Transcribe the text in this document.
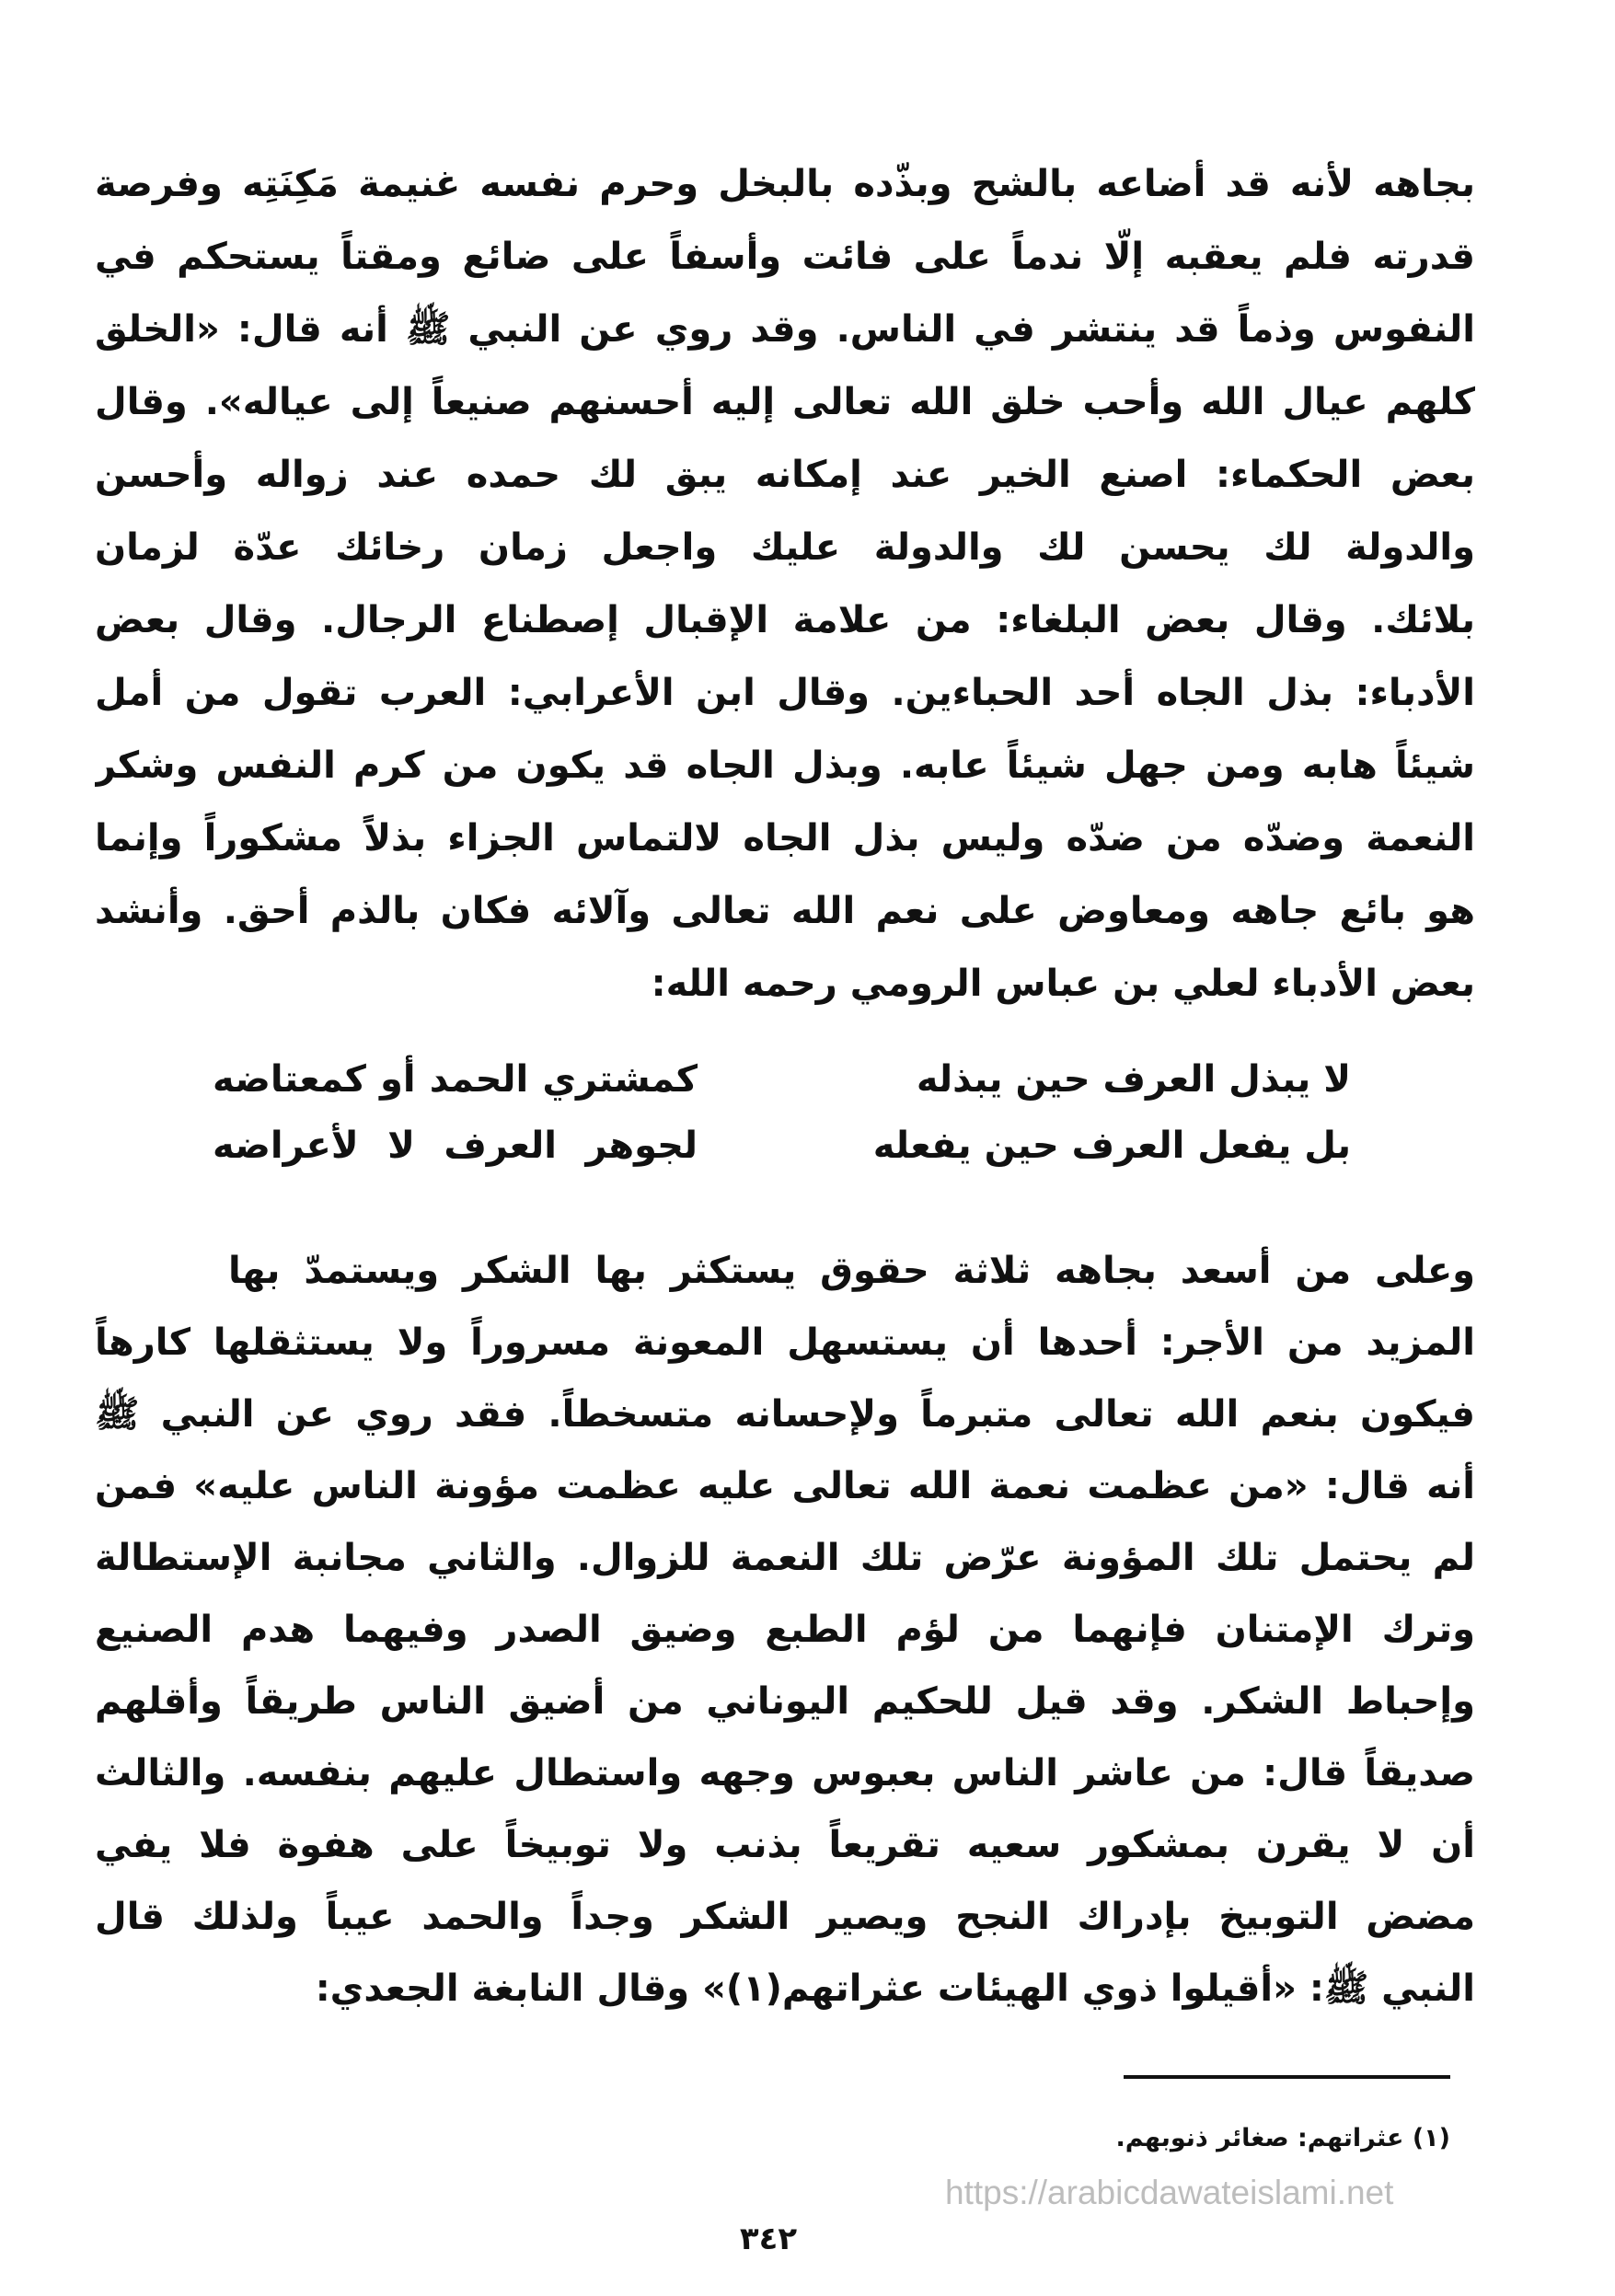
بجاهه لأنه قد أضاعه بالشح وبذّده بالبخل وحرم نفسه غنيمة مَكِنَتِه وفرصة
قدرته فلم يعقبه إلّا ندماً على فائت وأسفاً على ضائع ومقتاً يستحكم في
النفوس وذماً قد ينتشر في الناس. وقد روي عن النبي ﷺ أنه قال: «الخلق
كلهم عيال الله وأحب خلق الله تعالى إليه أحسنهم صنيعاً إلى عياله». وقال
بعض الحكماء: اصنع الخير عند إمكانه يبق لك حمده عند زواله وأحسن
والدولة لك يحسن لك والدولة عليك واجعل زمان رخائك عدّة لزمان
بلائك. وقال بعض البلغاء: من علامة الإقبال إصطناع الرجال. وقال بعض
الأدباء: بذل الجاه أحد الحباءين. وقال ابن الأعرابي: العرب تقول من أمل
شيئاً هابه ومن جهل شيئاً عابه. وبذل الجاه قد يكون من كرم النفس وشكر
النعمة وضدّه من ضدّه وليس بذل الجاه لالتماس الجزاء بذلاً مشكوراً وإنما
هو بائع جاهه ومعاوض على نعم الله تعالى وآلائه فكان بالذم أحق. وأنشد
بعض الأدباء لعلي بن عباس الرومي رحمه الله:
لا يبذل العرف حين يبذله
كمشتري الحمد أو كمعتاضه
بل يفعل العرف حين يفعله
لجوهر العرف لا لأعراضه
وعلى من أسعد بجاهه ثلاثة حقوق يستكثر بها الشكر ويستمدّ بها
المزيد من الأجر: أحدها أن يستسهل المعونة مسروراً ولا يستثقلها كارهاً
فيكون بنعم الله تعالى متبرماً ولإحسانه متسخطاً. فقد روي عن النبي ﷺ
أنه قال: «من عظمت نعمة الله تعالى عليه عظمت مؤونة الناس عليه» فمن
لم يحتمل تلك المؤونة عرّض تلك النعمة للزوال. والثاني مجانبة الإستطالة
وترك الإمتنان فإنهما من لؤم الطبع وضيق الصدر وفيهما هدم الصنيع
وإحباط الشكر. وقد قيل للحكيم اليوناني من أضيق الناس طريقاً وأقلهم
صديقاً قال: من عاشر الناس بعبوس وجهه واستطال عليهم بنفسه. والثالث
أن لا يقرن بمشكور سعيه تقريعاً بذنب ولا توبيخاً على هفوة فلا يفي
مضض التوبيخ بإدراك النجح ويصير الشكر وجداً والحمد عيباً ولذلك قال
النبي ﷺ: «أقيلوا ذوي الهيئات عثراتهم(١)» وقال النابغة الجعدي:
(١) عثراتهم: صغائر ذنوبهم.
https://arabicdawateislami.net
٣٤٢
